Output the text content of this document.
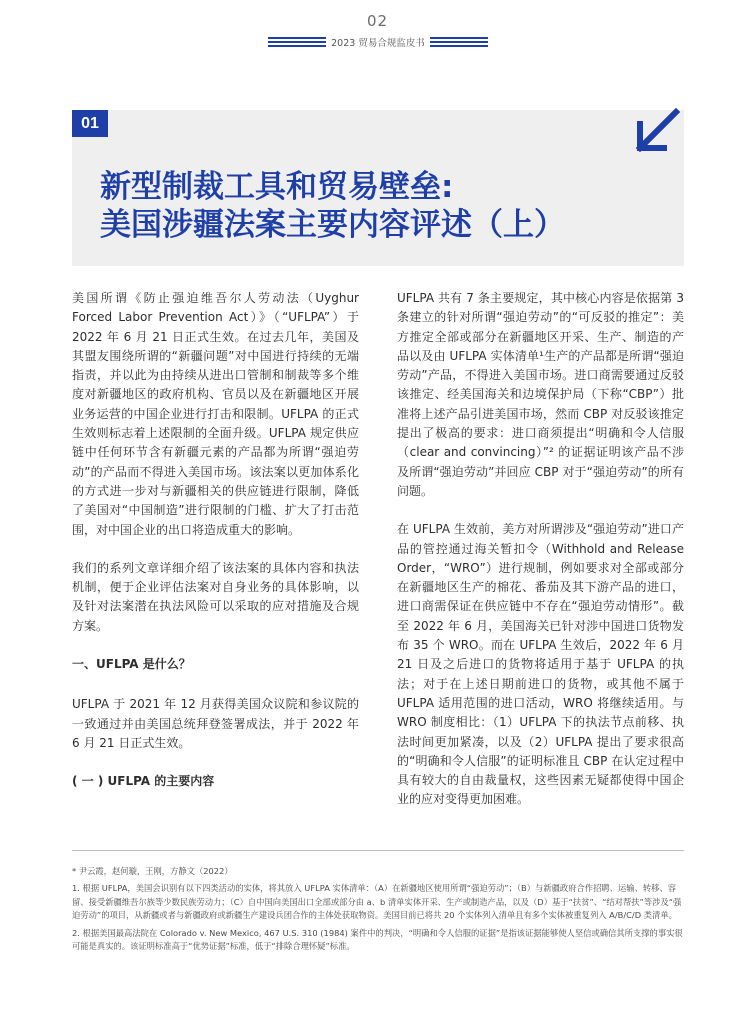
02
2023 贸易合规监皮书
01
新型制裁工具和贸易壁垒:
美国涉疆法案主要内容评述（上）

美国所谓《防止强迫维吾尔人劳动法（Uyghur Forced Labor Prevention Act）》（“UFLPA”）于 2022 年 6 月 21 日正式生效。在过去几年，美国及其盟友围绕所谓的“新疆问题”对中国进行持续的无端指责，并以此为由持续从进出口管制和制裁等多个维度对新疆地区的政府机构、官员以及在新疆地区开展业务运营的中国企业进行打击和限制。UFLPA 的正式生效则标志着上述限制的全面升级。UFLPA 规定供应链中任何环节含有新疆元素的产品都为所谓“强迫劳动”的产品而不得进入美国市场。该法案以更加体系化的方式进一步对与新疆相关的供应链进行限制，降低了美国对“中国制造”进行限制的门槛、扩大了打击范围，对中国企业的出口将造成重大的影响。

我们的系列文章详细介绍了该法案的具体内容和执法机制，便于企业评估法案对自身业务的具体影响，以及针对法案潜在执法风险可以采取的应对措施及合规方案。

一、UFLPA 是什么？

UFLPA 于 2021 年 12 月获得美国众议院和参议院的一致通过并由美国总统拜登签署成法，并于 2022 年 6 月 21 日正式生效。

( 一 ) UFLPA 的主要内容

UFLPA 共有 7 条主要规定，其中核心内容是依据第 3 条建立的针对所谓“强迫劳动”的“可反驳的推定”：美方推定全部或部分在新疆地区开采、生产、制造的产品以及由 UFLPA 实体清单¹生产的产品都是所谓“强迫劳动”产品，不得进入美国市场。进口商需要通过反驳该推定、经美国海关和边境保护局（下称“CBP”）批准将上述产品引进美国市场，然而 CBP 对反驳该推定提出了极高的要求：进口商须提出“明确和令人信服（clear and convincing）”² 的证据证明该产品不涉及所谓“强迫劳动”并回应 CBP 对于“强迫劳动”的所有问题。

在 UFLPA 生效前，美方对所谓涉及“强迫劳动”进口产品的管控通过海关暂扣令（Withhold and Release Order，“WRO”）进行规制，例如要求对全部或部分在新疆地区生产的棉花、番茄及其下游产品的进口，进口商需保证在供应链中不存在“强迫劳动情形”。截至 2022 年 6 月，美国海关已针对涉中国进口货物发布 35 个 WRO。而在 UFLPA 生效后，2022 年 6 月 21 日及之后进口的货物将适用于基于 UFLPA 的执法；对于在上述日期前进口的货物，或其他不属于 UFLPA 适用范围的进口活动，WRO 将继续适用。与 WRO 制度相比：（1）UFLPA 下的执法节点前移、执法时间更加紧凑，以及（2）UFLPA 提出了要求很高的“明确和令人信服”的证明标准且 CBP 在认定过程中具有较大的自由裁量权，这些因素无疑都使得中国企业的应对变得更加困难。

* 尹云霞，赵何璇，王刚，方静文（2022）

1. 根据 UFLPA，美国会识别有以下四类活动的实体，将其放入 UFLPA 实体清单：（A）在新疆地区使用所谓“强迫劳动”；（B）与新疆政府合作招聘、运输、转移、容留、接受新疆维吾尔族等少数民族劳动力；（C）自中国向美国出口全部或部分由 a、b 清单实体开采、生产或制造产品，以及（D）基于“扶贫”、“结对帮扶”等涉及“强迫劳动”的项目，从新疆或者与新疆政府或新疆生产建设兵团合作的主体处获取物资。美国目前已将共 20 个实体列入清单且有多个实体被重复列入 A/B/C/D 类清单。

2. 根据美国最高法院在 Colorado v. New Mexico, 467 U.S. 310 (1984) 案件中的判决，“明确和令人信服的证据”是指该证据能够使人坚信或确信其所支撑的事实很可能是真实的。该证明标准高于“优势证据”标准，低于“排除合理怀疑”标准。
